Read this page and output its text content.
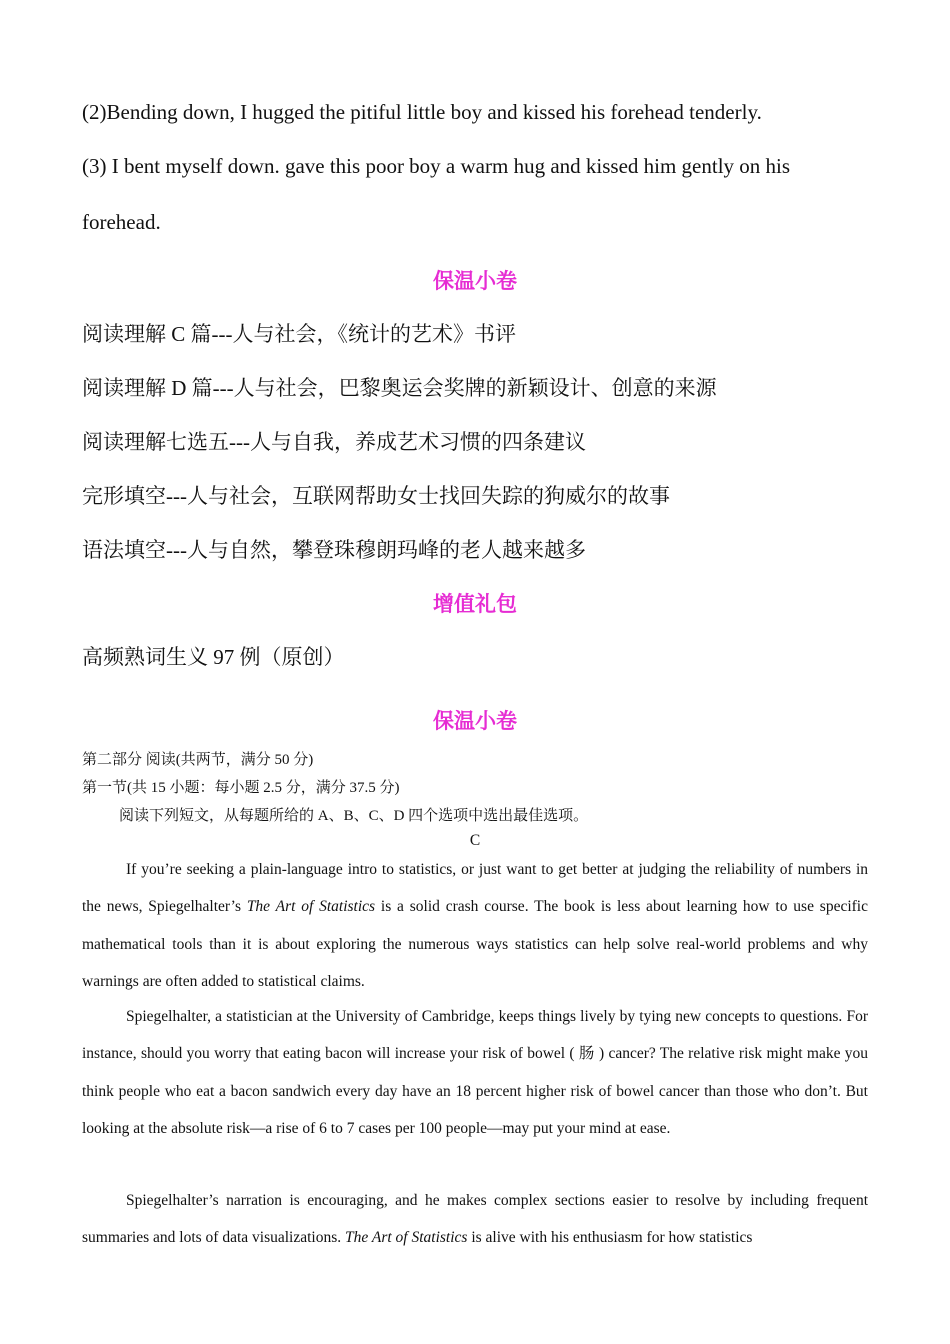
(2)Bending down, I hugged the pitiful little boy and kissed his forehead tenderly.
(3) I bent myself down. gave this poor boy a warm hug and kissed him gently on his
forehead.
保温小卷
阅读理解 C 篇---人与社会，《统计的艺术》书评
阅读理解 D 篇---人与社会，巴黎奥运会奖牌的新颖设计、创意的来源
阅读理解七选五---人与自我，养成艺术习惯的四条建议
完形填空---人与社会，互联网帮助女士找回失踪的狗威尔的故事
语法填空---人与自然，攀登珠穆朗玛峰的老人越来越多
增值礼包
高频熟词生义 97 例（原创）
保温小卷
第二部分 阅读(共两节，满分 50 分)
第一节(共 15 小题：每小题 2.5 分，满分 37.5 分)
阅读下列短文，从每题所给的 A、B、C、D 四个选项中选出最佳选项。
C
If you’re seeking a plain-language intro to statistics, or just want to get better at judging the reliability of numbers in the news, Spiegelhalter’s The Art of Statistics is a solid crash course. The book is less about learning how to use specific mathematical tools than it is about exploring the numerous ways statistics can help solve real-world problems and why warnings are often added to statistical claims.
Spiegelhalter, a statistician at the University of Cambridge, keeps things lively by tying new concepts to questions. For instance, should you worry that eating bacon will increase your risk of bowel ( 肠 ) cancer? The relative risk might make you think people who eat a bacon sandwich every day have an 18 percent higher risk of bowel cancer than those who don’t. But looking at the absolute risk—a rise of 6 to 7 cases per 100 people—may put your mind at ease.
Spiegelhalter’s narration is encouraging, and he makes complex sections easier to resolve by including frequent summaries and lots of data visualizations. The Art of Statistics is alive with his enthusiasm for how statistics
